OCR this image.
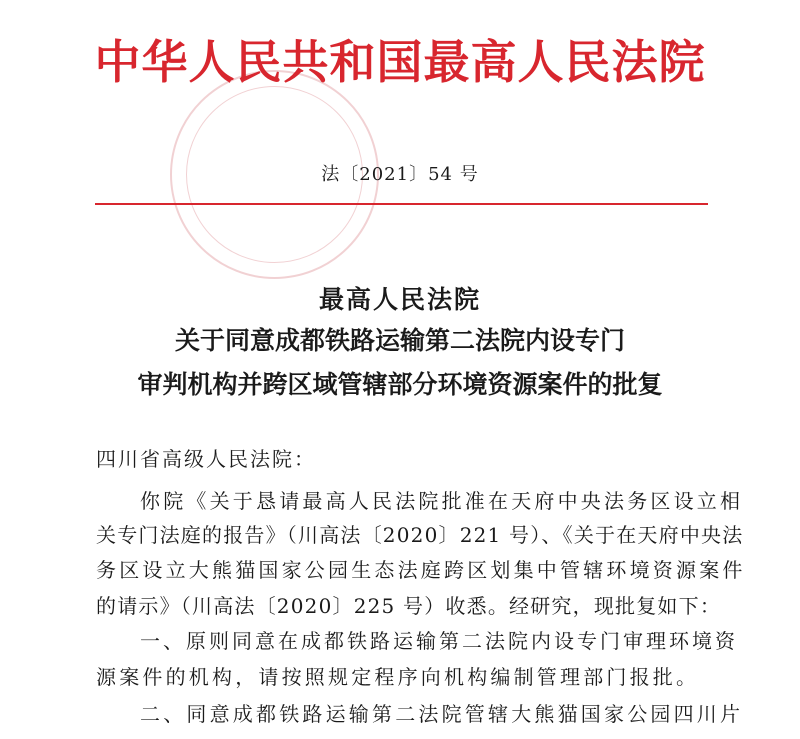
中华人民共和国最高人民法院
法〔2021〕54 号
最高人民法院
关于同意成都铁路运输第二法院内设专门
审判机构并跨区域管辖部分环境资源案件的批复
四川省高级人民法院：
你院《关于恳请最高人民法院批准在天府中央法务区设立相
关专门法庭的报告》（川高法〔2020〕221 号）、《关于在天府中央法
务区设立大熊猫国家公园生态法庭跨区划集中管辖环境资源案件
的请示》（川高法〔2020〕225 号）收悉。经研究，现批复如下：
一、原则同意在成都铁路运输第二法院内设专门审理环境资
源案件的机构，请按照规定程序向机构编制管理部门报批。
二、同意成都铁路运输第二法院管辖大熊猫国家公园四川片
